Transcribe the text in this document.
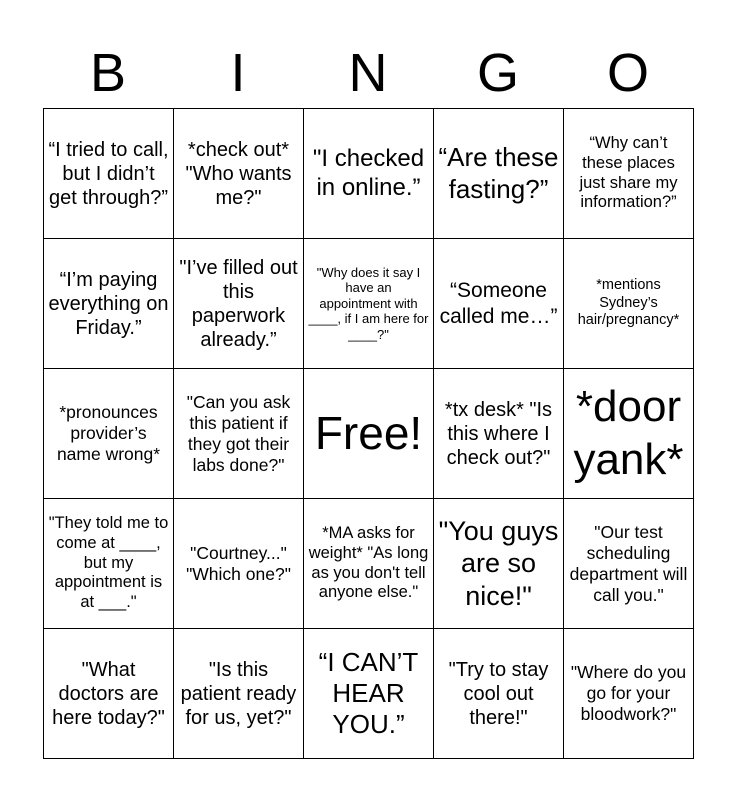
B	I	N	G	O
“I tried to call, but I didn’t get through?”	*check out* "Who wants me?"	"I checked in online.”	“Are these fasting?”	“Why can’t these places just share my information?”
“I’m paying everything on Friday.”	"I’ve filled out this paperwork already.”	"Why does it say I have an appointment with ____, if I am here for ____?"	“Someone called me…”	*mentions Sydney’s hair/pregnancy*
*pronounces provider’s name wrong*	"Can you ask this patient if they got their labs done?"	Free!	*tx desk* "Is this where I check out?"	*door yank*
"They told me to come at ____, but my appointment is at ___."	"Courtney..." "Which one?"	*MA asks for weight* "As long as you don't tell anyone else."	"You guys are so nice!"	"Our test scheduling department will call you."
"What doctors are here today?"	"Is this patient ready for us, yet?"	“I CAN’T HEAR YOU.”	"Try to stay cool out there!"	"Where do you go for your bloodwork?"
